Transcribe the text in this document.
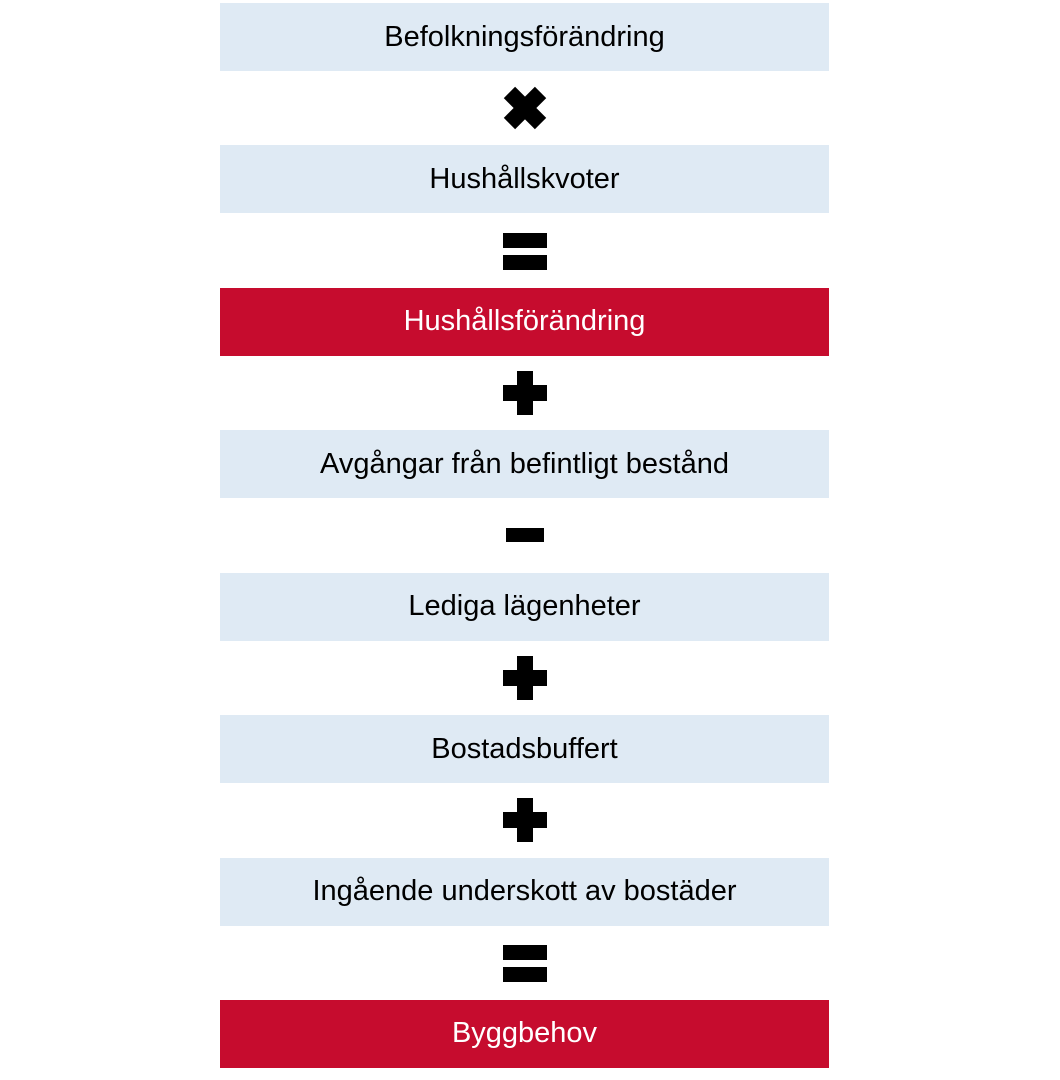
Befolkningsförändring
Hushållskvoter
Hushållsförändring
Avgångar från befintligt bestånd
Lediga lägenheter
Bostadsbuffert
Ingående underskott av bostäder
Byggbehov
